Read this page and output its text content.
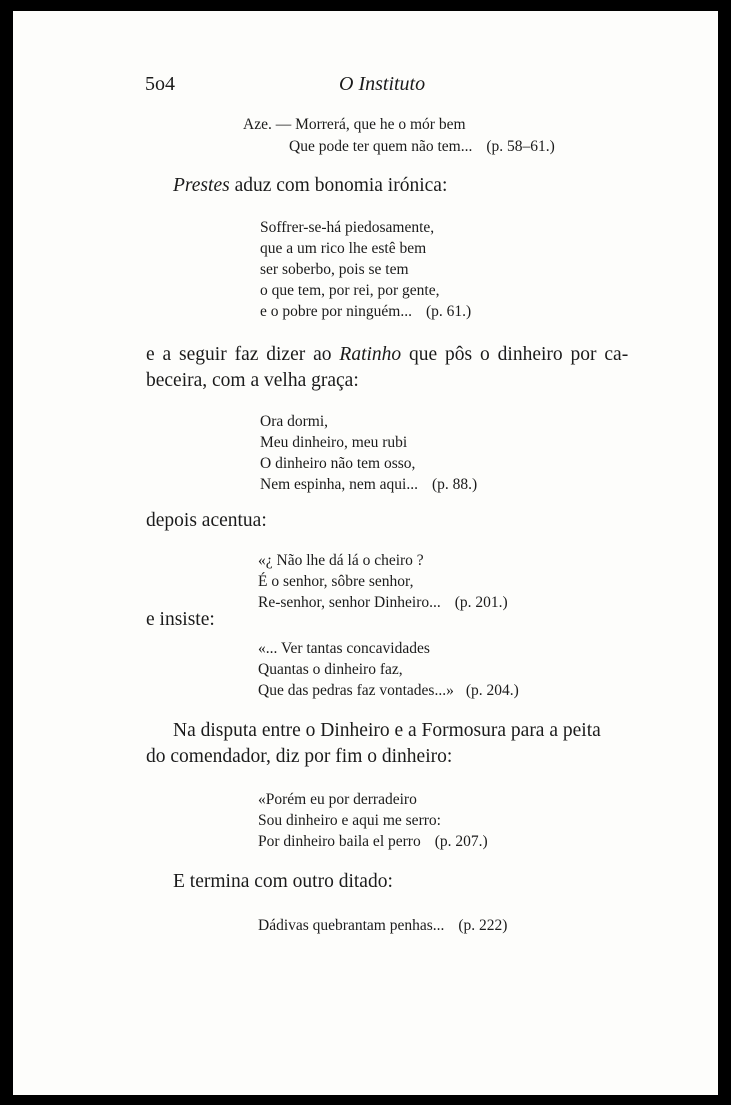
5o4	O Instituto
Aze. — Morrerá, que he o mór bem
Que pode ter quem não tem... (p. 58–61.)
Prestes aduz com bonomia irónica:
Soffrer-se-há piedosamente,
que a um rico lhe estê bem
ser soberbo, pois se tem
o que tem, por rei, por gente,
e o pobre por ninguém... (p. 61.)
e a seguir faz dizer ao Ratinho que pôs o dinheiro por ca-
beceira, com a velha graça:
Ora dormi,
Meu dinheiro, meu rubi
O dinheiro não tem osso,
Nem espinha, nem aqui... (p. 88.)
depois acentua:
«¿ Não lhe dá lá o cheiro ?
É o senhor, sôbre senhor,
Re-senhor, senhor Dinheiro... (p. 201.)
e insiste:
«... Ver tantas concavidades
Quantas o dinheiro faz,
Que das pedras faz vontades...» (p. 204.)
Na disputa entre o Dinheiro e a Formosura para a peita
do comendador, diz por fim o dinheiro:
«Porém eu por derradeiro
Sou dinheiro e aqui me serro:
Por dinheiro baila el perro (p. 207.)
E termina com outro ditado:
Dádivas quebrantam penhas... (p. 222)
